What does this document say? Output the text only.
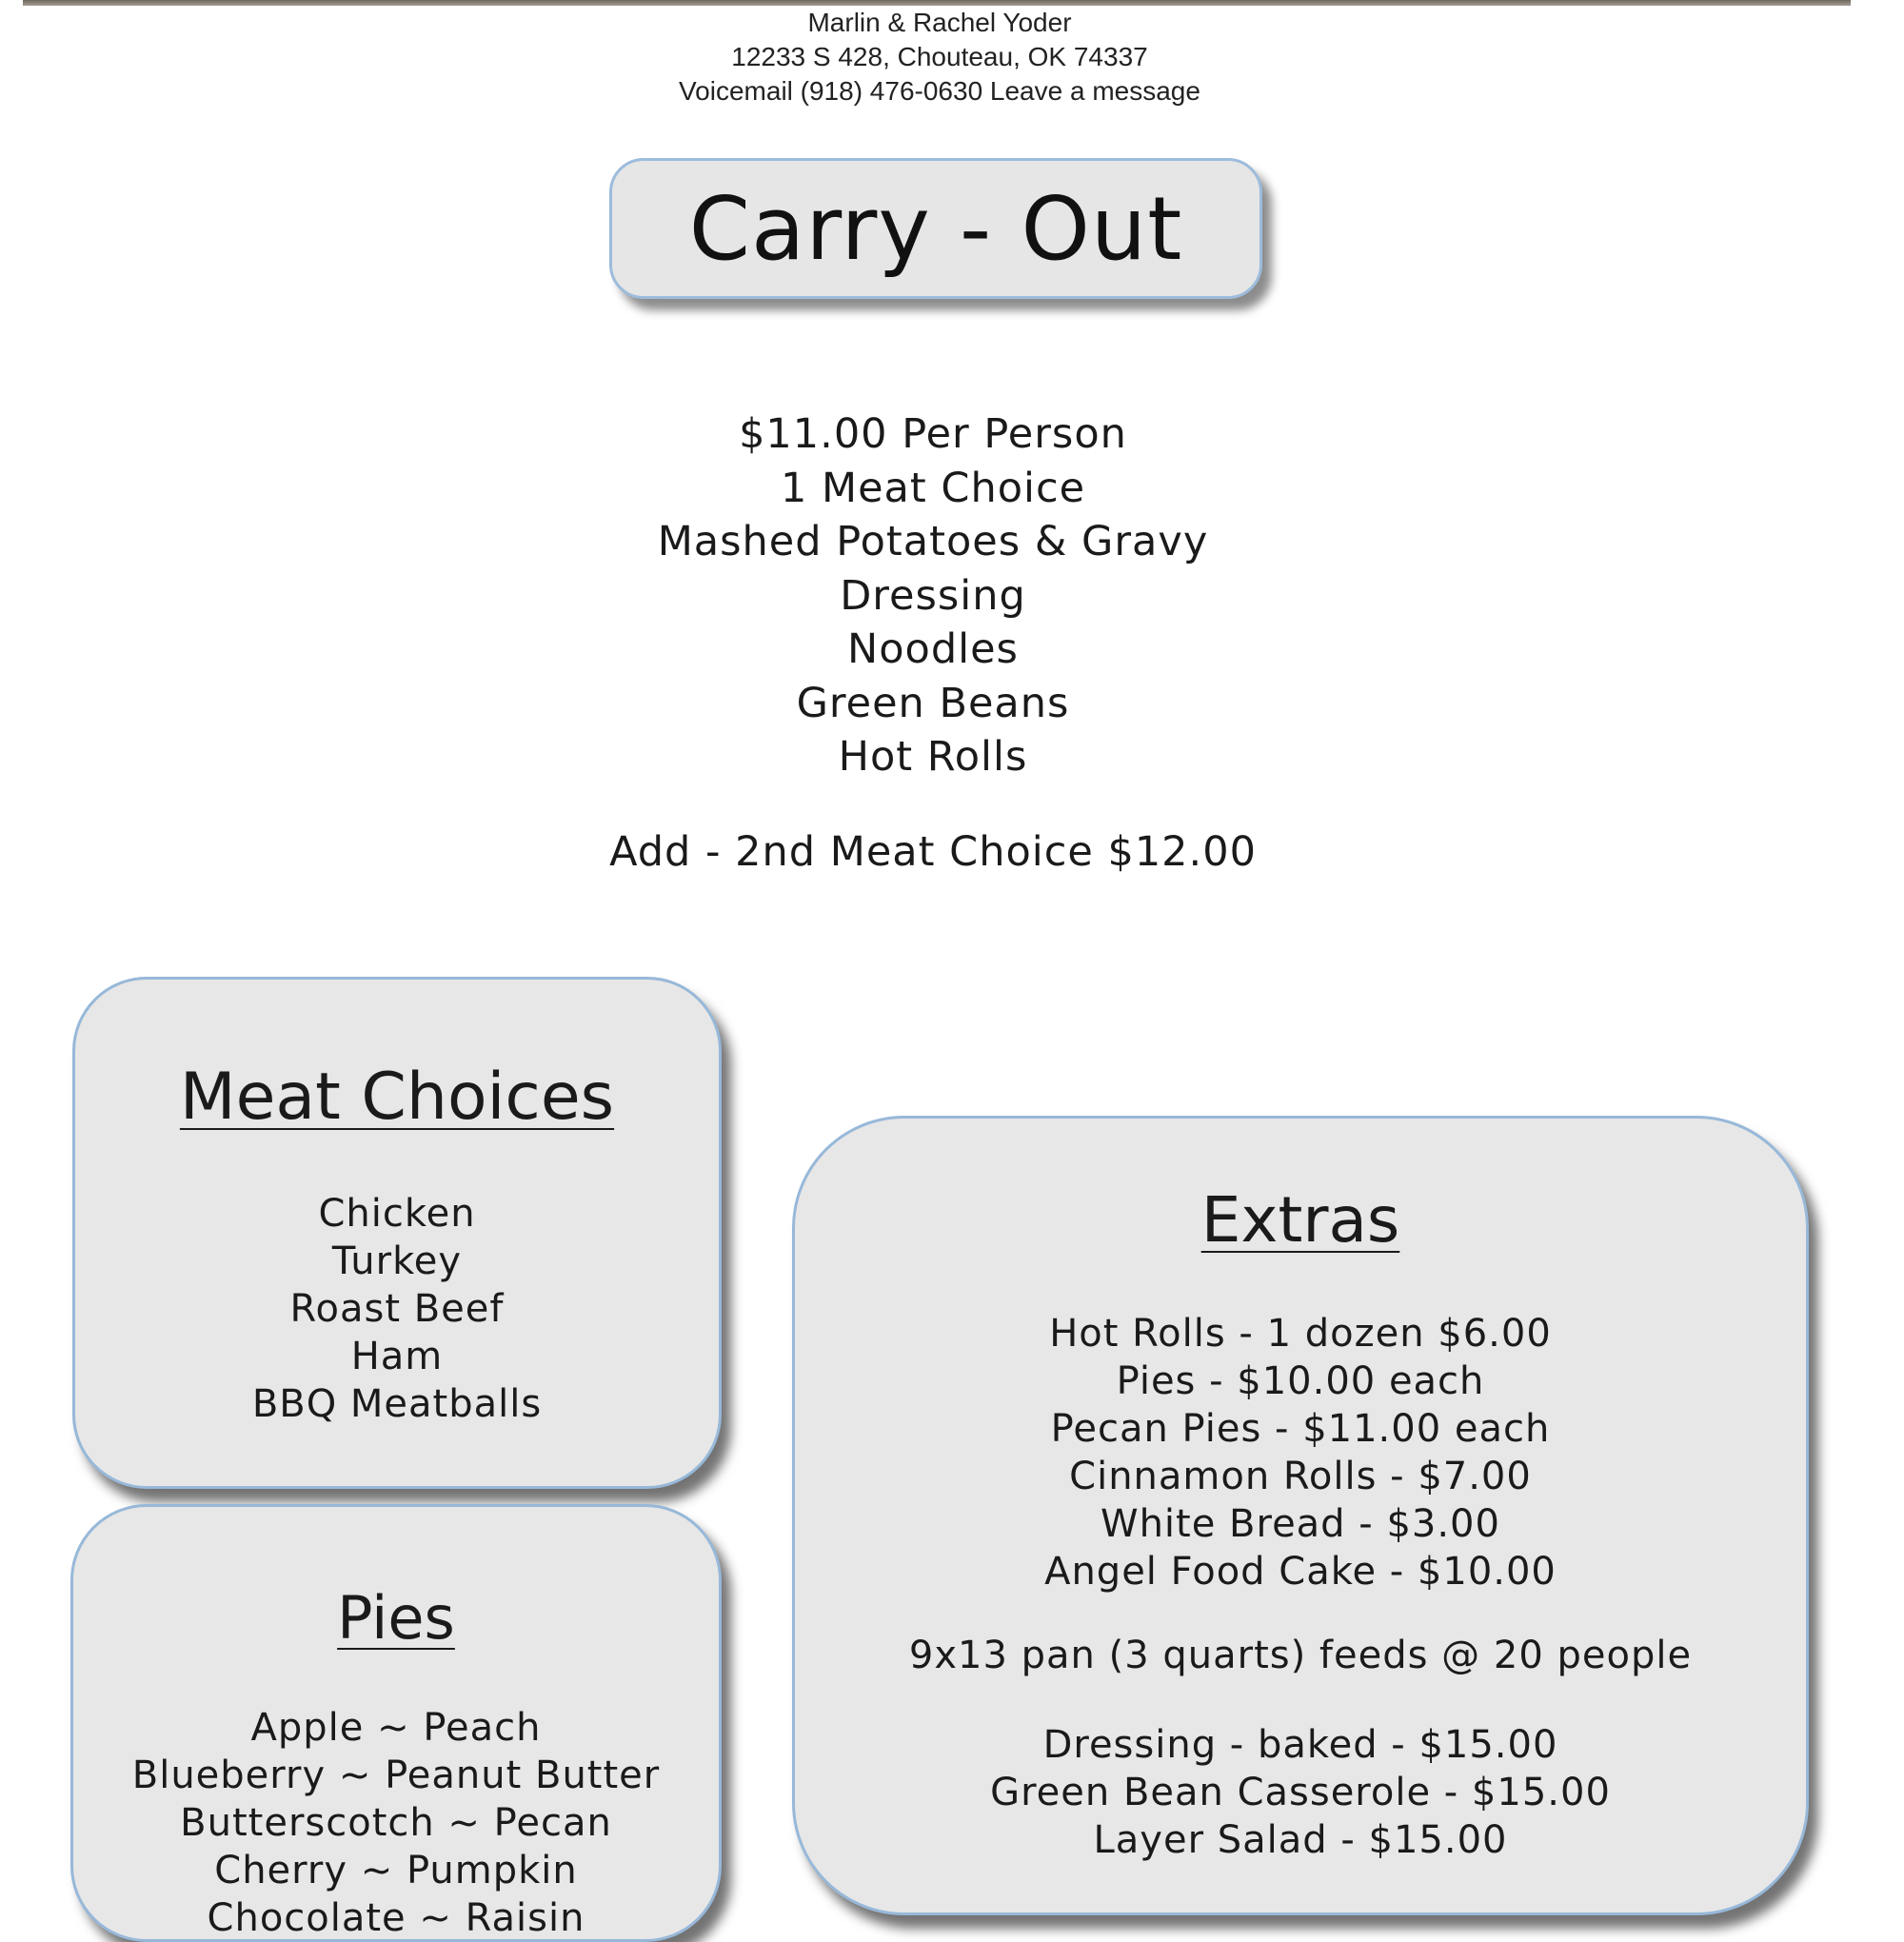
Marlin & Rachel Yoder
12233 S 428, Chouteau, OK 74337
Voicemail (918) 476-0630 Leave a message
Carry - Out
$11.00 Per Person
1 Meat Choice
Mashed Potatoes & Gravy
Dressing
Noodles
Green Beans
Hot Rolls
Add - 2nd Meat Choice $12.00
Meat Choices
Chicken
Turkey
Roast Beef
Ham
BBQ Meatballs
Pies
Apple ~ Peach
Blueberry ~ Peanut Butter
Butterscotch ~ Pecan
Cherry ~ Pumpkin
Chocolate ~ Raisin
Extras
Hot Rolls - 1 dozen $6.00
Pies - $10.00 each
Pecan Pies - $11.00 each
Cinnamon Rolls - $7.00
White Bread - $3.00
Angel Food Cake - $10.00
9x13 pan (3 quarts) feeds @ 20 people
Dressing - baked - $15.00
Green Bean Casserole - $15.00
Layer Salad - $15.00
